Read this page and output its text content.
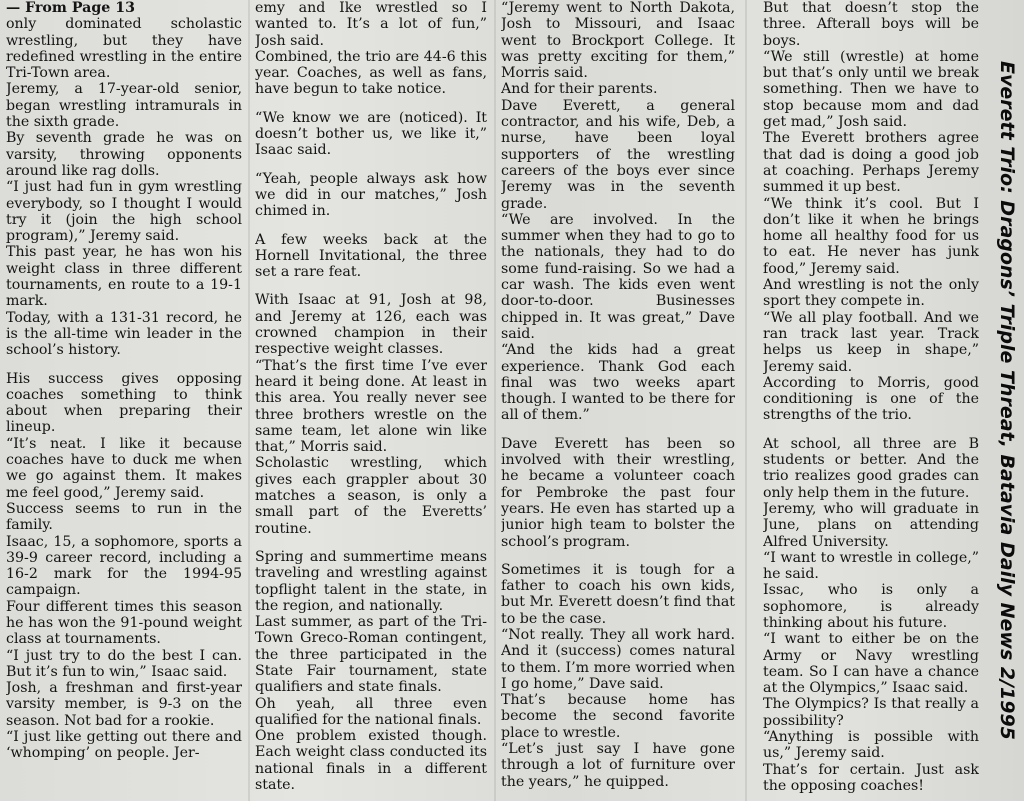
— From Page 13

only dominated scholastic wrestling, but they have redefined wrestling in the entire Tri-Town area.

Jeremy, a 17-year-old senior, began wrestling intramurals in the sixth grade.

By seventh grade he was on varsity, throwing opponents around like rag dolls.

“I just had fun in gym wrestling everybody, so I thought I would try it (join the high school program),” Jeremy said.

This past year, he has won his weight class in three different tournaments, en route to a 19-1 mark.

Today, with a 131-31 record, he is the all-time win leader in the school’s history.

His success gives opposing coaches something to think about when preparing their lineup.

“It’s neat. I like it because coaches have to duck me when we go against them. It makes me feel good,” Jeremy said.

Success seems to run in the family.

Isaac, 15, a sophomore, sports a 39-9 career record, including a 16-2 mark for the 1994-95 campaign.

Four different times this season he has won the 91-pound weight class at tournaments.

“I just try to do the best I can. But it’s fun to win,” Isaac said.

Josh, a freshman and first-year varsity member, is 9-3 on the season. Not bad for a rookie.

“I just like getting out there and ‘whomping’ on people. Jer-

emy and Ike wrestled so I wanted to. It’s a lot of fun,” Josh said.

Combined, the trio are 44-6 this year. Coaches, as well as fans, have begun to take notice.

“We know we are (noticed). It doesn’t bother us, we like it,” Isaac said.

“Yeah, people always ask how we did in our matches,” Josh chimed in.

A few weeks back at the Hornell Invitational, the three set a rare feat.

With Isaac at 91, Josh at 98, and Jeremy at 126, each was crowned champion in their respective weight classes.

“That’s the first time I’ve ever heard it being done. At least in this area. You really never see three brothers wrestle on the same team, let alone win like that,” Morris said.

Scholastic wrestling, which gives each grappler about 30 matches a season, is only a small part of the Everetts’ routine.

Spring and summertime means traveling and wrestling against topflight talent in the state, in the region, and nationally.

Last summer, as part of the Tri-Town Greco-Roman contingent, the three participated in the State Fair tournament, state qualifiers and state finals.

Oh yeah, all three even qualified for the national finals.

One problem existed though. Each weight class conducted its national finals in a different state.

“Jeremy went to North Dakota, Josh to Missouri, and Isaac went to Brockport College. It was pretty exciting for them,” Morris said.

And for their parents.

Dave Everett, a general contractor, and his wife, Deb, a nurse, have been loyal supporters of the wrestling careers of the boys ever since Jeremy was in the seventh grade.

“We are involved. In the summer when they had to go to the nationals, they had to do some fund-raising. So we had a car wash. The kids even went door-to-door. Businesses chipped in. It was great,” Dave said.

“And the kids had a great experience. Thank God each final was two weeks apart though. I wanted to be there for all of them.”

Dave Everett has been so involved with their wrestling, he became a volunteer coach for Pembroke the past four years. He even has started up a junior high team to bolster the school’s program.

Sometimes it is tough for a father to coach his own kids, but Mr. Everett doesn’t find that to be the case.

“Not really. They all work hard. And it (success) comes natural to them. I’m more worried when I go home,” Dave said.

That’s because home has become the second favorite place to wrestle.

“Let’s just say I have gone through a lot of furniture over the years,” he quipped.

But that doesn’t stop the three. Afterall boys will be boys.

“We still (wrestle) at home but that’s only until we break something. Then we have to stop because mom and dad get mad,” Josh said.

The Everett brothers agree that dad is doing a good job at coaching. Perhaps Jeremy summed it up best.

“We think it’s cool. But I don’t like it when he brings home all healthy food for us to eat. He never has junk food,” Jeremy said.

And wrestling is not the only sport they compete in.

“We all play football. And we ran track last year. Track helps us keep in shape,” Jeremy said.

According to Morris, good conditioning is one of the strengths of the trio.

At school, all three are B students or better. And the trio realizes good grades can only help them in the future.

Jeremy, who will graduate in June, plans on attending Alfred University.

“I want to wrestle in college,” he said.

Issac, who is only a sophomore, is already thinking about his future.

“I want to either be on the Army or Navy wrestling team. So I can have a chance at the Olympics,” Isaac said.

The Olympics? Is that really a possibility?

“Anything is possible with us,” Jeremy said.

That’s for certain. Just ask the opposing coaches!

Everett Trio: Dragons’ Triple Threat, Batavia Daily News 2/1995
